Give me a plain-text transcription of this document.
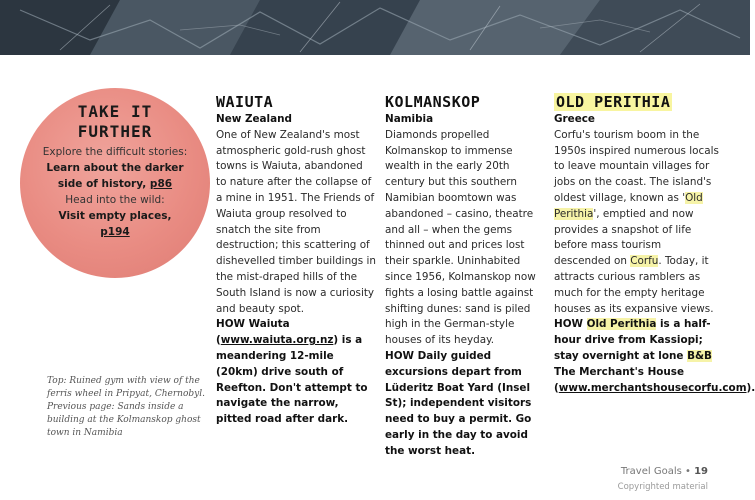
TAKE IT FURTHER
Explore the difficult stories:
Learn about the darker side of history, p86
Head into the wild:
Visit empty places, p194
Top: Ruined gym with view of the ferris wheel in Pripyat, Chernobyl. Previous page: Sands inside a building at the Kolmanskop ghost town in Namibia
WAIUTA
New Zealand

One of New Zealand's most atmospheric gold-rush ghost towns is Waiuta, abandoned to nature after the collapse of a mine in 1951. The Friends of Waiuta group resolved to snatch the site from destruction; this scattering of dishevelled timber buildings in the mist-draped hills of the South Island is now a curiosity and beauty spot.

HOW Waiuta (www.waiuta.org.nz) is a meandering 12-mile (20km) drive south of Reefton. Don't attempt to navigate the narrow, pitted road after dark.

KOLMANSKOP
Namibia

Diamonds propelled Kolmanskop to immense wealth in the early 20th century but this southern Namibian boomtown was abandoned – casino, theatre and all – when the gems thinned out and prices lost their sparkle. Uninhabited since 1956, Kolmanskop now fights a losing battle against shifting dunes: sand is piled high in the German-style houses of its heyday.

HOW Daily guided excursions depart from Lüderitz Boat Yard (Insel St); independent visitors need to buy a permit. Go early in the day to avoid the worst heat.

OLD PERITHIA
Greece

Corfu's tourism boom in the 1950s inspired numerous locals to leave mountain villages for jobs on the coast. The island's oldest village, known as 'Old Perithia', emptied and now provides a snapshot of life before mass tourism descended on Corfu. Today, it attracts curious ramblers as much for the empty heritage houses as its expansive views.

HOW Old Perithia is a half-hour drive from Kassiopi; stay overnight at lone B&B The Merchant's House (www.merchantshousecorfu.com).

Travel Goals • 19
Copyrighted material
